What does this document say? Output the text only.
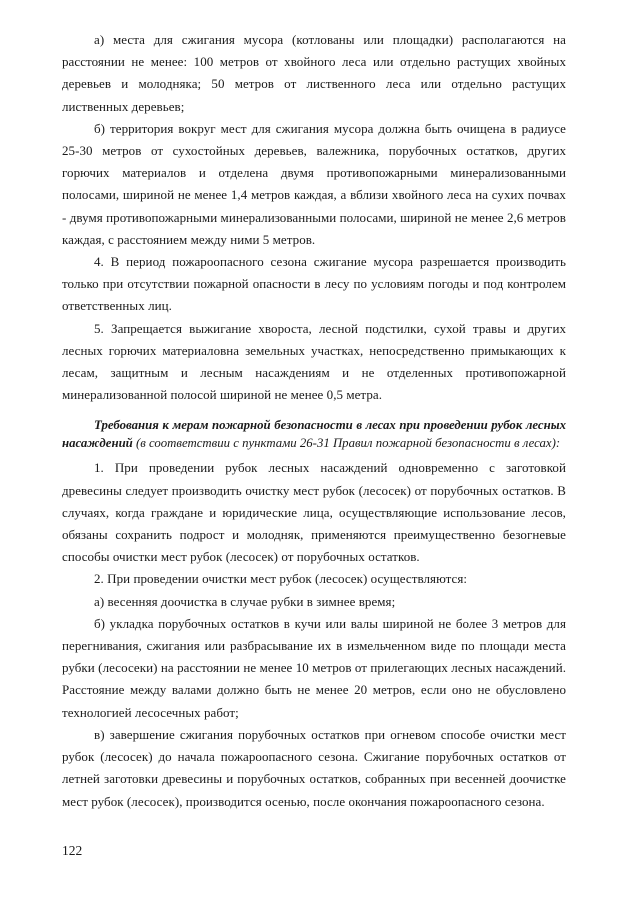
а) места для сжигания мусора (котлованы или площадки) располагаются на расстоянии не менее: 100 метров от хвойного леса или отдельно растущих хвойных деревьев и молодняка; 50 метров от лиственного леса или отдельно растущих лиственных деревьев;

б) территория вокруг мест для сжигания мусора должна быть очищена в радиусе 25-30 метров от сухостойных деревьев, валежника, порубочных остатков, других горючих материалов и отделена двумя противопожарными минерализованными полосами, шириной не менее 1,4 метров каждая, а вблизи хвойного леса на сухих почвах - двумя противопожарными минерализованными полосами, шириной не менее 2,6 метров каждая, с расстоянием между ними 5 метров.

4. В период пожароопасного сезона сжигание мусора разрешается производить только при отсутствии пожарной опасности в лесу по условиям погоды и под контролем ответственных лиц.

5. Запрещается выжигание хвороста, лесной подстилки, сухой травы и других лесных горючих материаловна земельных участках, непосредственно примыкающих к лесам, защитным и лесным насаждениям и не отделенных противопожарной минерализованной полосой шириной не менее 0,5 метра.

Требования к мерам пожарной безопасности в лесах при проведении рубок лесных насаждений (в соответствии с пунктами 26-31 Правил пожарной безопасности в лесах):

1. При проведении рубок лесных насаждений одновременно с заготовкой древесины следует производить очистку мест рубок (лесосек) от порубочных остатков. В случаях, когда граждане и юридические лица, осуществляющие использование лесов, обязаны сохранить подрост и молодняк, применяются преимущественно безогневые способы очистки мест рубок (лесосек) от порубочных остатков.

2. При проведении очистки мест рубок (лесосек) осуществляются:

а) весенняя доочистка в случае рубки в зимнее время;

б) укладка порубочных остатков в кучи или валы шириной не более 3 метров для перегнивания, сжигания или разбрасывание их в измельченном виде по площади места рубки (лесосеки) на расстоянии не менее 10 метров от прилегающих лесных насаждений. Расстояние между валами должно быть не менее 20 метров, если оно не обусловлено технологией лесосечных работ;

в) завершение сжигания порубочных остатков при огневом способе очистки мест рубок (лесосек) до начала пожароопасного сезона. Сжигание порубочных остатков от летней заготовки древесины и порубочных остатков, собранных при весенней доочистке мест рубок (лесосек), производится осенью, после окончания пожароопасного сезона.

122
